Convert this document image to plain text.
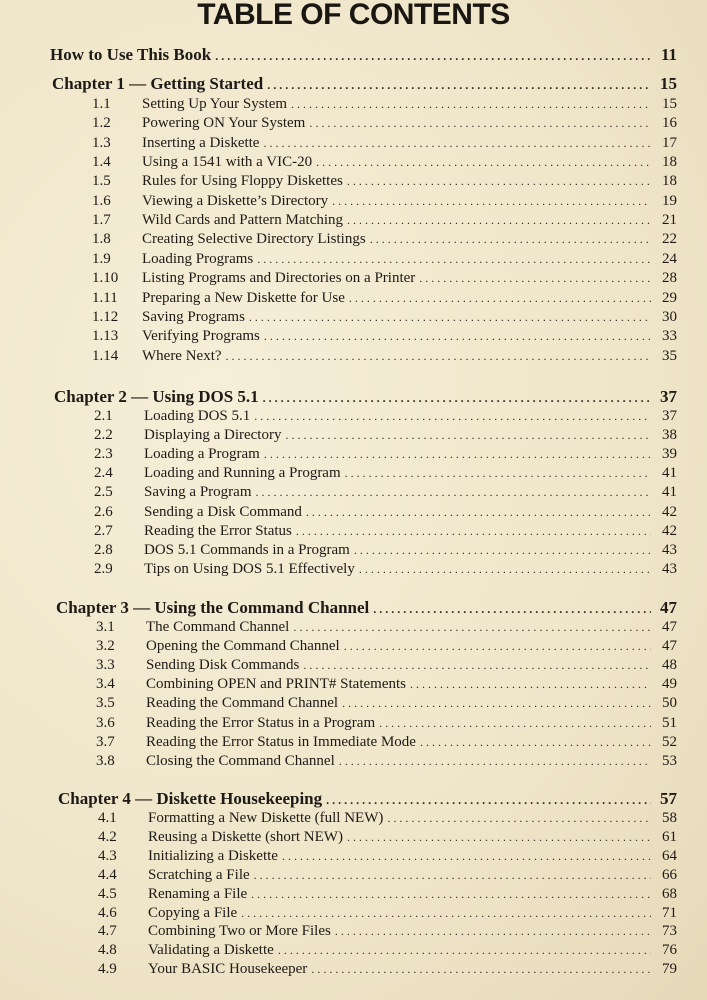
TABLE OF CONTENTS
How to Use This Book .....	11
Chapter 1 — Getting Started .....	15
1.1	Setting Up Your System .....	15
1.2	Powering ON Your System .....	16
1.3	Inserting a Diskette .....	17
1.4	Using a 1541 with a VIC-20 .....	18
1.5	Rules for Using Floppy Diskettes .....	18
1.6	Viewing a Diskette’s Directory .....	19
1.7	Wild Cards and Pattern Matching .....	21
1.8	Creating Selective Directory Listings .....	22
1.9	Loading Programs .....	24
1.10	Listing Programs and Directories on a Printer .....	28
1.11	Preparing a New Diskette for Use .....	29
1.12	Saving Programs .....	30
1.13	Verifying Programs .....	33
1.14	Where Next? .....	35
Chapter 2 — Using DOS 5.1 .....	37
2.1	Loading DOS 5.1 .....	37
2.2	Displaying a Directory .....	38
2.3	Loading a Program .....	39
2.4	Loading and Running a Program .....	41
2.5	Saving a Program .....	41
2.6	Sending a Disk Command .....	42
2.7	Reading the Error Status .....	42
2.8	DOS 5.1 Commands in a Program .....	43
2.9	Tips on Using DOS 5.1 Effectively .....	43
Chapter 3 — Using the Command Channel .....	47
3.1	The Command Channel .....	47
3.2	Opening the Command Channel .....	47
3.3	Sending Disk Commands .....	48
3.4	Combining OPEN and PRINT# Statements .....	49
3.5	Reading the Command Channel .....	50
3.6	Reading the Error Status in a Program .....	51
3.7	Reading the Error Status in Immediate Mode .....	52
3.8	Closing the Command Channel .....	53
Chapter 4 — Diskette Housekeeping .....	57
4.1	Formatting a New Diskette (full NEW) .....	58
4.2	Reusing a Diskette (short NEW) .....	61
4.3	Initializing a Diskette .....	64
4.4	Scratching a File .....	66
4.5	Renaming a File .....	68
4.6	Copying a File .....	71
4.7	Combining Two or More Files .....	73
4.8	Validating a Diskette .....	76
4.9	Your BASIC Housekeeper .....	79
